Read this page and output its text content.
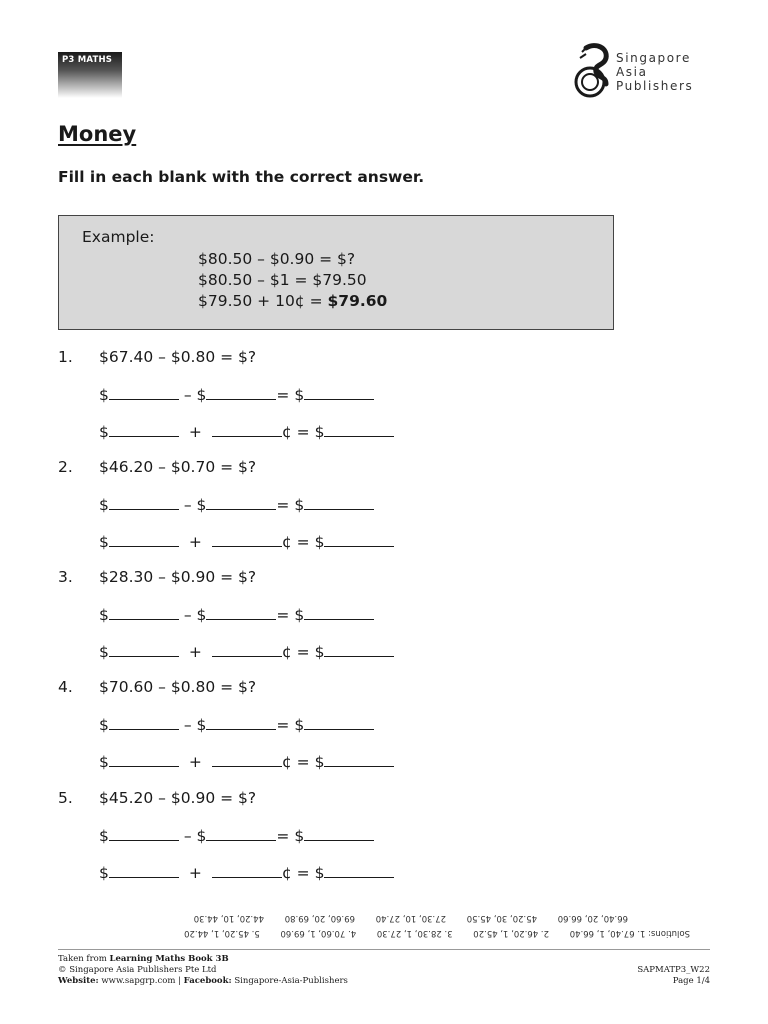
P3 MATHS	Singapore
Asia
Publishers
Money
Fill in each blank with the correct answer.
Example:
$80.50 – $0.90 = $?
$80.50 – $1 = $79.50
$79.50 + 10¢ = $79.60
1. $67.40 – $0.80 = $?
$	– $	= $
$	+	¢ = $
2. $46.20 – $0.70 = $?
$	– $	= $
$	+	¢ = $
3. $28.30 – $0.90 = $?
$	– $	= $
$	+	¢ = $
4. $70.60 – $0.80 = $?
$	– $	= $
$	+	¢ = $
5. $45.20 – $0.90 = $?
$	– $	= $
$	+	¢ = $
Solutions: 1. 67.40, 1, 66.40 2. 46.20, 1, 45.20 3. 28.30, 1, 27.30 4. 70.60, 1, 69.60 5. 45.20, 1, 44.20
66.40, 20, 66.60 45.20, 30, 45.50 27.30, 10, 27.40 69.60, 20, 69.80 44.20, 10, 44.30
Taken from Learning Maths Book 3B
© Singapore Asia Publishers Pte Ltd
Website: www.sapgrp.com | Facebook: Singapore-Asia-Publishers

SAPMATP3_W22
Page 1/4
